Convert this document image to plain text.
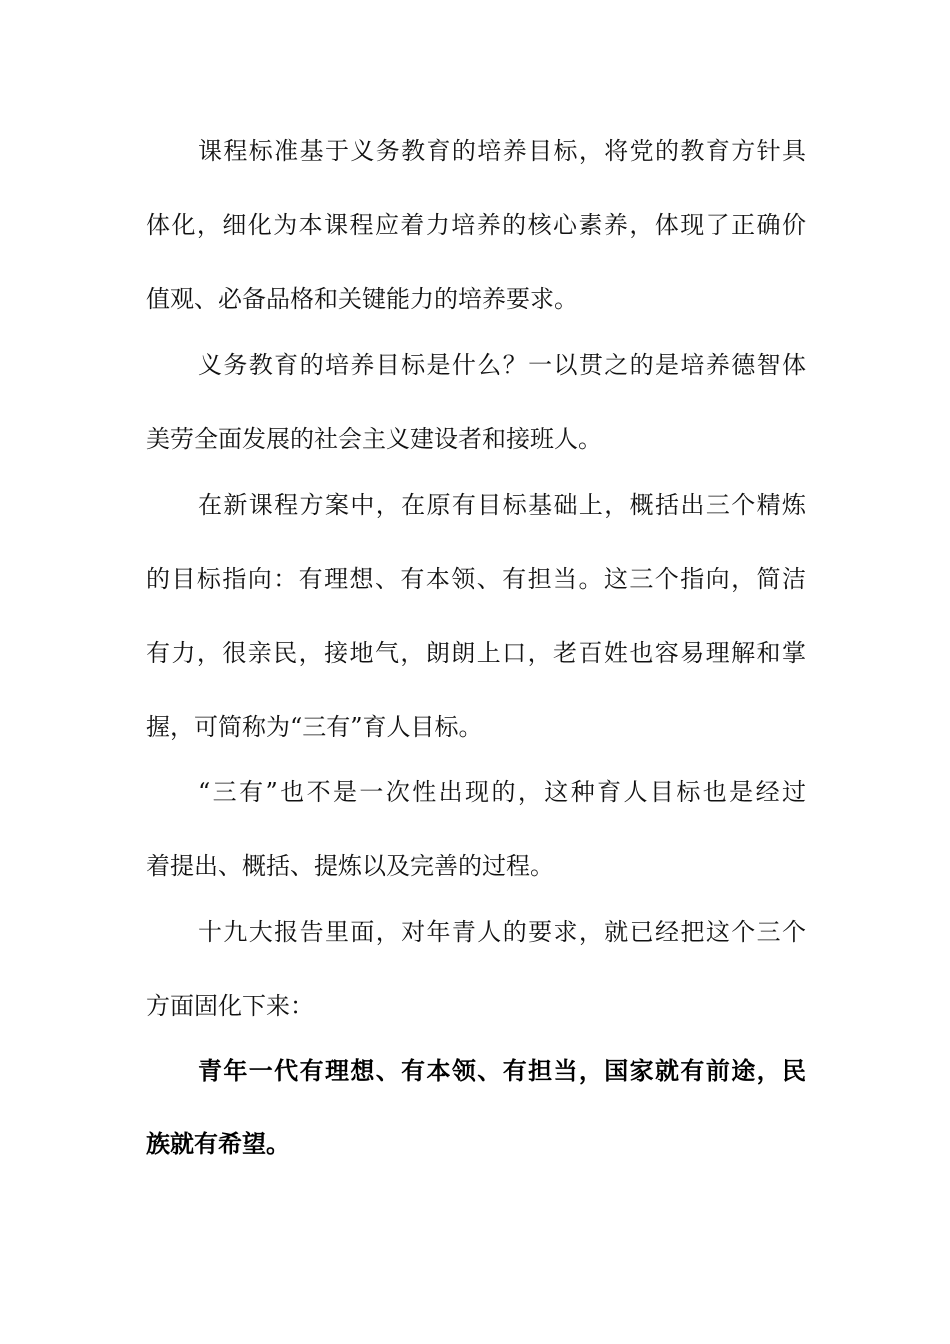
课程标准基于义务教育的培养目标，将党的教育方针具
体化，细化为本课程应着力培养的核心素养，体现了正确价
值观、必备品格和关键能力的培养要求。
义务教育的培养目标是什么？一以贯之的是培养德智体
美劳全面发展的社会主义建设者和接班人。
在新课程方案中，在原有目标基础上，概括出三个精炼
的目标指向：有理想、有本领、有担当。这三个指向，简洁
有力，很亲民，接地气，朗朗上口，老百姓也容易理解和掌
握，可简称为“三有”育人目标。
“三有”也不是一次性出现的，这种育人目标也是经过
着提出、概括、提炼以及完善的过程。
十九大报告里面，对年青人的要求，就已经把这个三个
方面固化下来：
青年一代有理想、有本领、有担当，国家就有前途，民
族就有希望。
